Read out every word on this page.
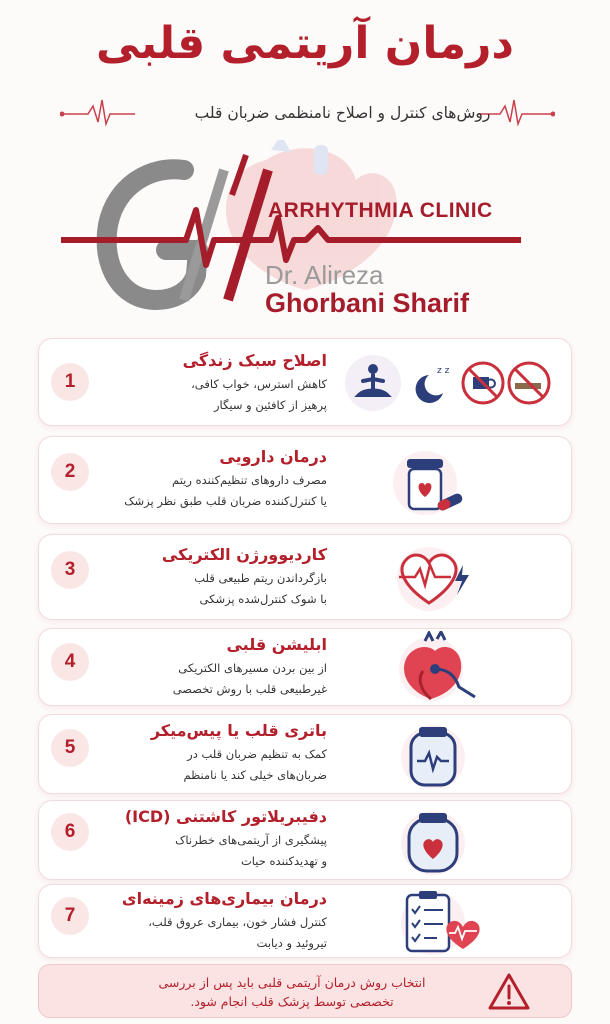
درمان آریتمی قلبی
روش‌های کنترل و اصلاح نامنظمی ضربان قلب
ARRHYTHMIA CLINIC
Dr. Alireza
Ghorbani Sharif
1
اصلاح سبک زندگی
کاهش استرس، خواب کافی،
پرهیز از کافئین و سیگار
z z
2
درمان دارویی
مصرف داروهای تنظیم‌کننده ریتم
یا کنترل‌کننده ضربان قلب طبق نظر پزشک
3
کاردیوورژن الکتریکی
بازگرداندن ریتم طبیعی قلب
با شوک کنترل‌شده پزشکی
4
ابلیشن قلبی
از بین بردن مسیرهای الکتریکی
غیرطبیعی قلب با روش تخصصی
5
باتری قلب یا پیس‌میکر
کمک به تنظیم ضربان قلب در
ضربان‌های خیلی کند یا نامنظم
6
دفیبریلاتور کاشتنی (ICD)
پیشگیری از آریتمی‌های خطرناک
و تهدیدکننده حیات
7
درمان بیماری‌های زمینه‌ای
کنترل فشار خون، بیماری عروق قلب،
تیروئید و دیابت
انتخاب روش درمان آریتمی قلبی باید پس از بررسی
تخصصی توسط پزشک قلب انجام شود.
